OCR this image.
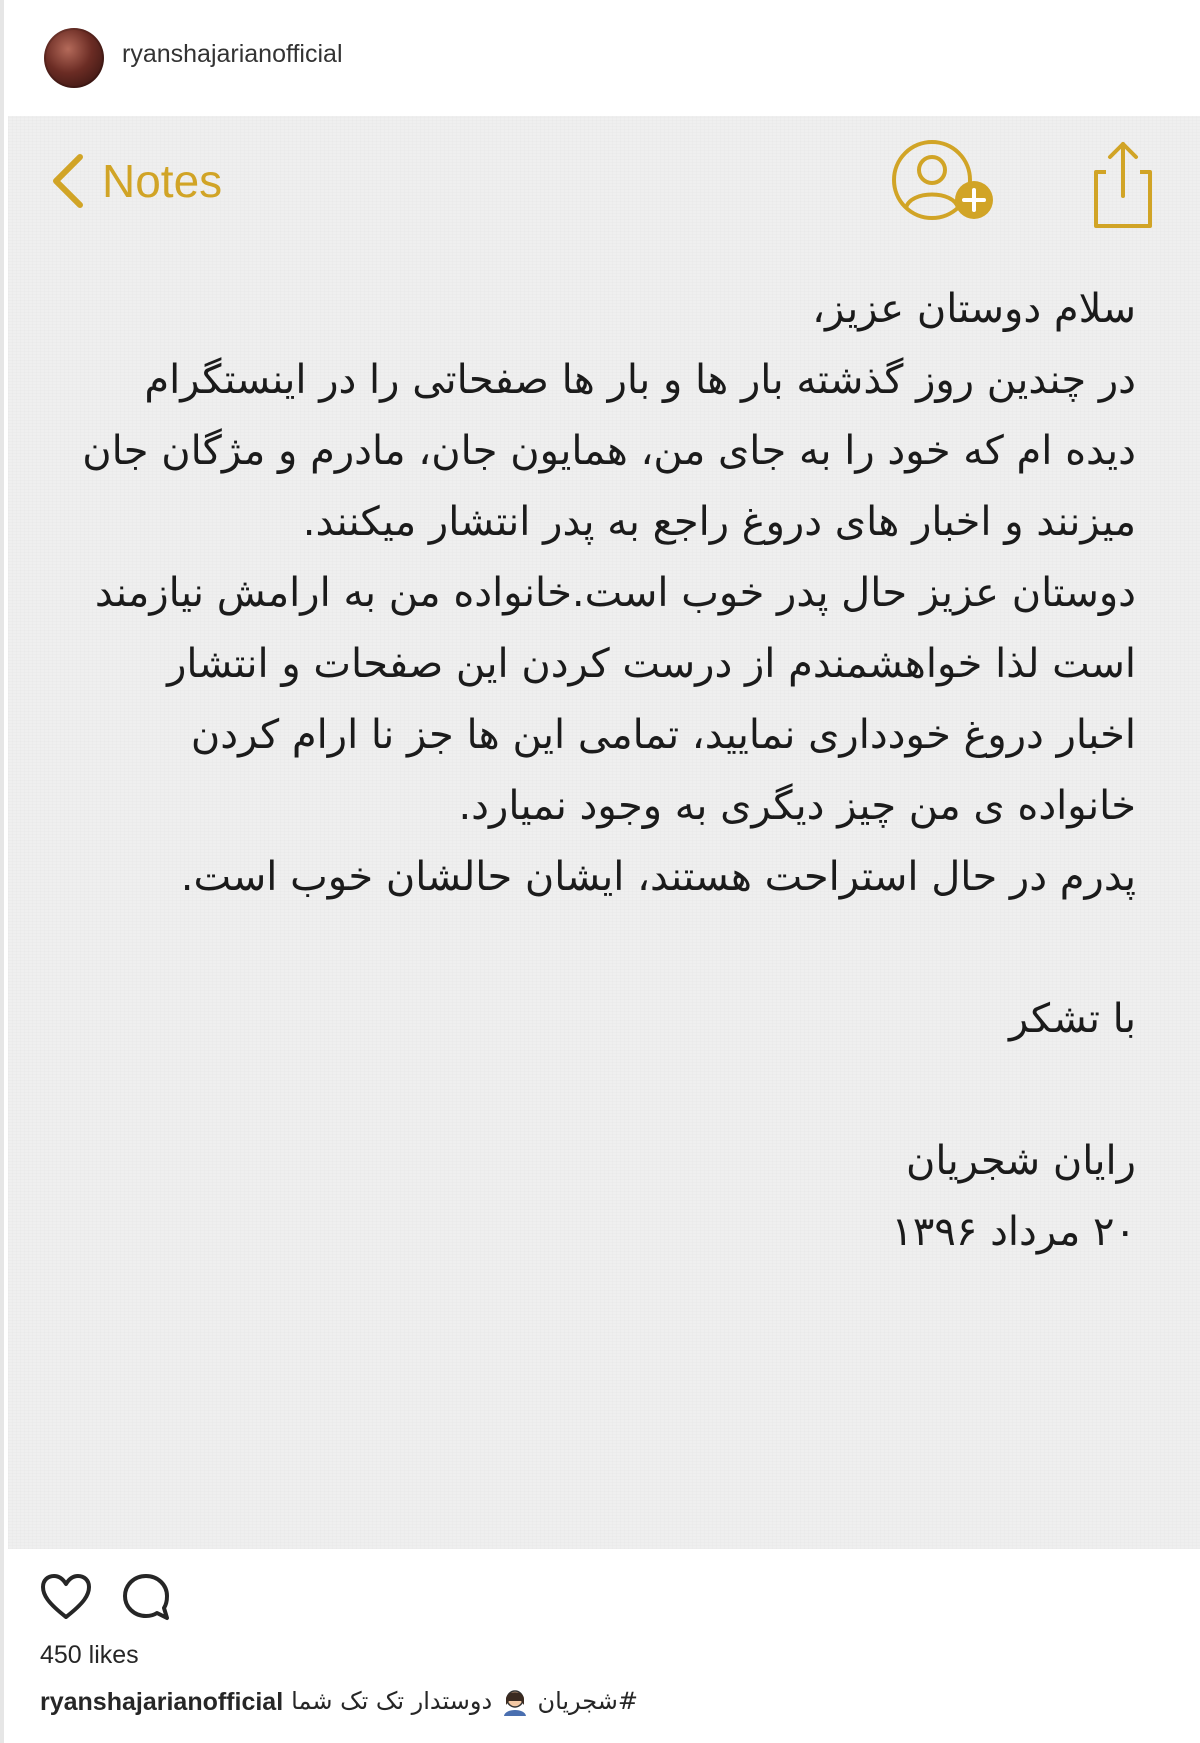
ryanshajarianofficial
Notes

سلام دوستان عزیز،

در چندین روز گذشته بار ها و بار ها صفحاتی را در اینستگرام دیده ام که خود را به جای من، همایون جان، مادرم و مژگان جان میزنند و اخبار های دروغ راجع به پدر انتشار میکنند.

دوستان عزیز حال پدر خوب است.خانواده من به ارامش نیازمند است لذا خواهشمندم از درست کردن این صفحات و انتشار اخبار دروغ خودداری نمایید، تمامی این ها جز نا ارام کردن خانواده ی من چیز دیگری به وجود نمیارد.

پدرم در حال استراحت هستند، ایشان حالشان خوب است.

با تشکر

رایان شجریان

۲۰ مرداد ۱۳۹۶

450 likes
ryanshajarianofficial	#شجریان  دوستدار تک تک شما
